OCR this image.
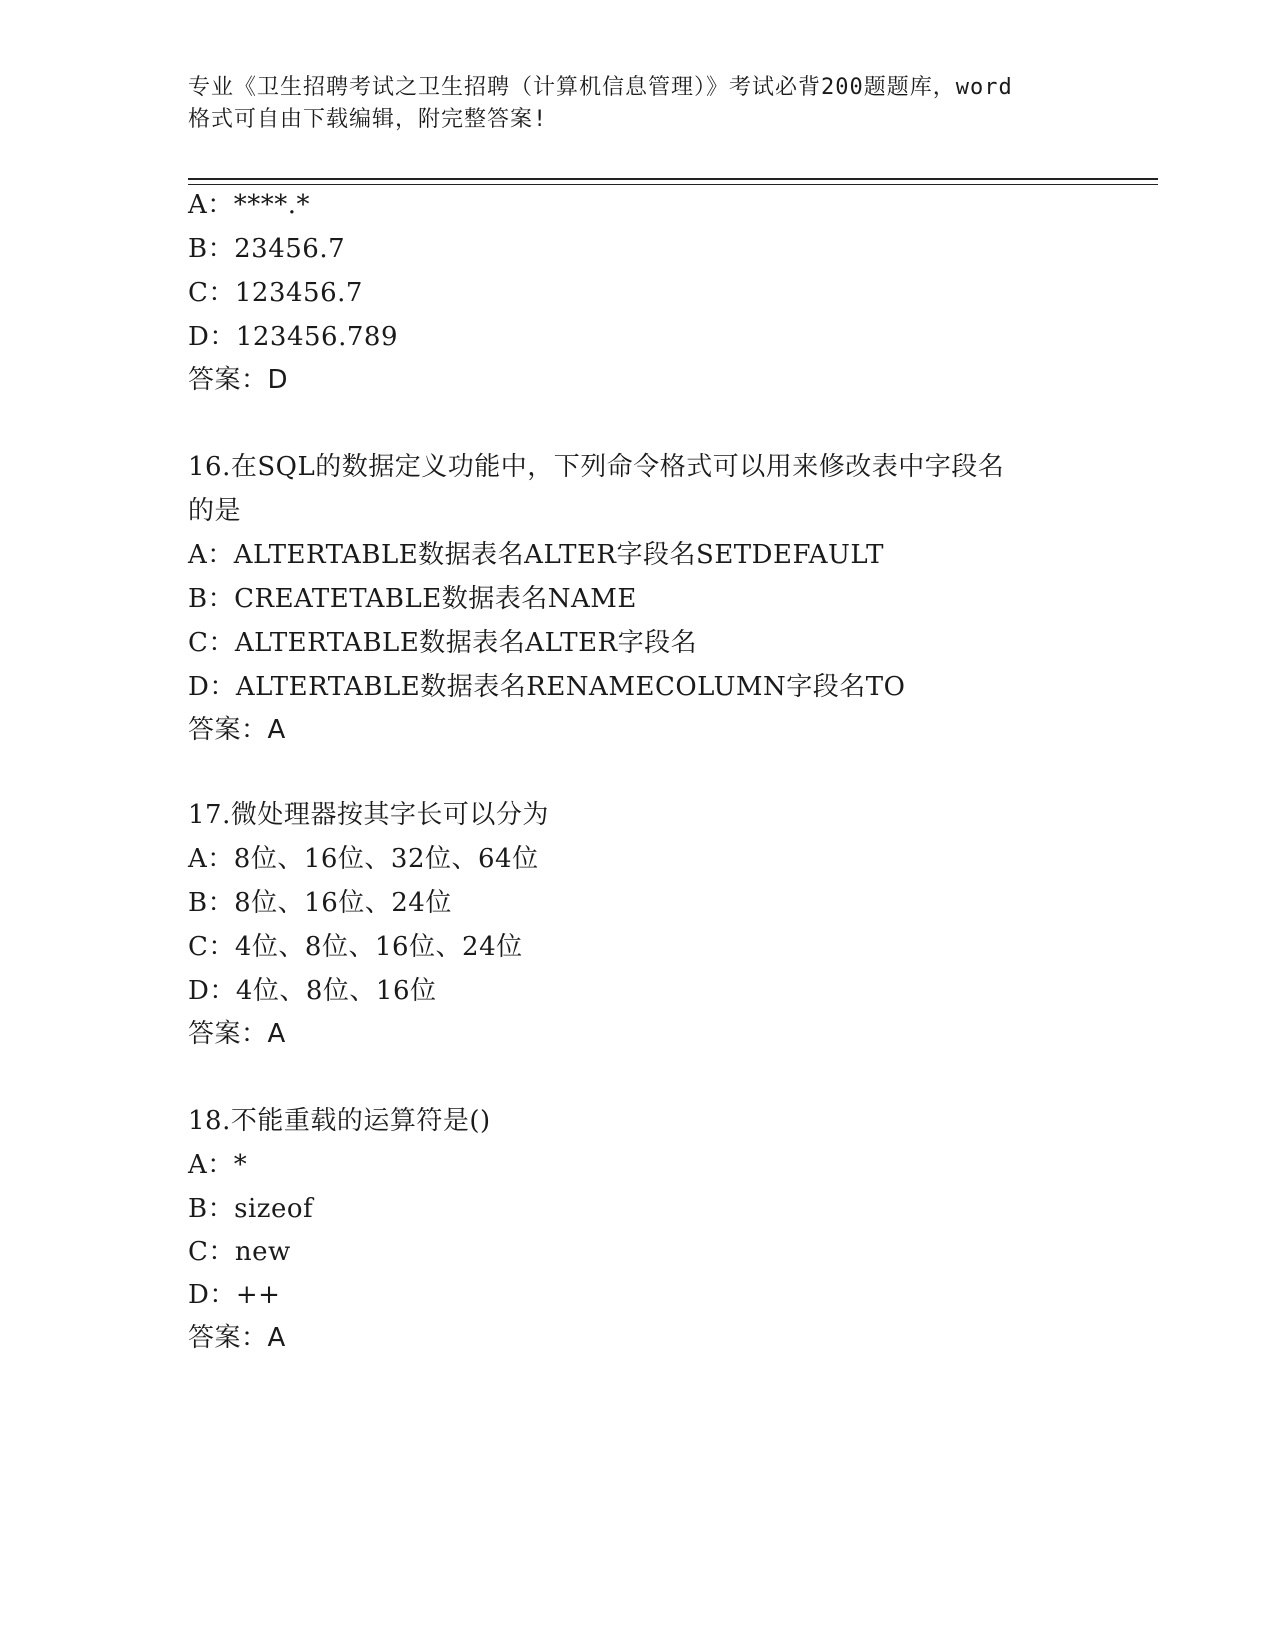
专业《卫生招聘考试之卫生招聘（计算机信息管理）》考试必背200题题库，word
格式可自由下载编辑，附完整答案!
A：****.*
B：23456.7
C：123456.7
D：123456.789
答案：D
16.在SQL的数据定义功能中，下列命令格式可以用来修改表中字段名
的是
A：ALTERTABLE数据表名ALTER字段名SETDEFAULT
B：CREATETABLE数据表名NAME
C：ALTERTABLE数据表名ALTER字段名
D：ALTERTABLE数据表名RENAMECOLUMN字段名TO
答案：A
17.微处理器按其字长可以分为
A：8位、16位、32位、64位
B：8位、16位、24位
C：4位、8位、16位、24位
D：4位、8位、16位
答案：A
18.不能重载的运算符是()
A：*
B：sizeof
C：new
D：++
答案：A
